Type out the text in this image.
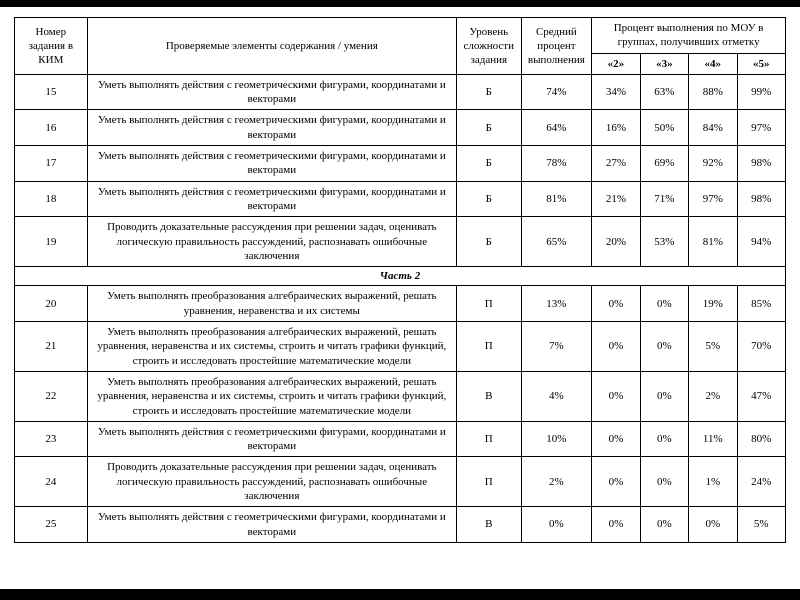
Номер задания в КИМ	Проверяемые элементы содержания / умения	Уровень сложности задания	Средний процент выполнения	Процент выполнения по МОУ в группах, получивших отметку			
				«2»	«3»	«4»	«5»
15	Уметь выполнять действия с геометрическими фигурами, координатами и векторами	Б	74%	34%	63%	88%	99%
16	Уметь выполнять действия с геометрическими фигурами, координатами и векторами	Б	64%	16%	50%	84%	97%
17	Уметь выполнять действия с геометрическими фигурами, координатами и векторами	Б	78%	27%	69%	92%	98%
18	Уметь выполнять действия с геометрическими фигурами, координатами и векторами	Б	81%	21%	71%	97%	98%
19	Проводить доказательные рассуждения при решении задач, оценивать логическую правильность рассуждений, распознавать ошибочные заключения	Б	65%	20%	53%	81%	94%
Часть 2							
20	Уметь выполнять преобразования алгебраических выражений, решать уравнения, неравенства и их системы	П	13%	0%	0%	19%	85%
21	Уметь выполнять преобразования алгебраических выражений, решать уравнения, неравенства и их системы, строить и читать графики функций, строить и исследовать простейшие математические модели	П	7%	0%	0%	5%	70%
22	Уметь выполнять преобразования алгебраических выражений, решать уравнения, неравенства и их системы, строить и читать графики функций, строить и исследовать простейшие математические модели	В	4%	0%	0%	2%	47%
23	Уметь выполнять действия с геометрическими фигурами, координатами и векторами	П	10%	0%	0%	11%	80%
24	Проводить доказательные рассуждения при решении задач, оценивать логическую правильность рассуждений, распознавать ошибочные заключения	П	2%	0%	0%	1%	24%
25	Уметь выполнять действия с геометрическими фигурами, координатами и векторами	В	0%	0%	0%	0%	5%
